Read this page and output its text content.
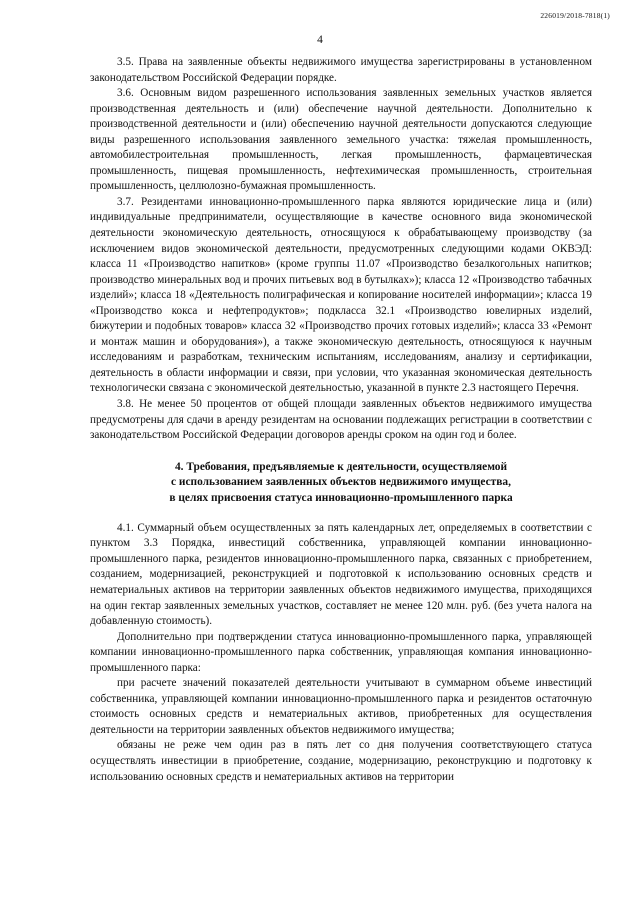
226019/2018-7818(1)
4

3.5. Права на заявленные объекты недвижимого имущества зарегистрированы в установленном законодательством Российской Федерации порядке.

3.6. Основным видом разрешенного использования заявленных земельных участков является производственная деятельность и (или) обеспечение научной деятельности. Дополнительно к производственной деятельности и (или) обеспечению научной деятельности допускаются следующие виды разрешенного использования заявленного земельного участка: тяжелая промышленность, автомобилестроительная промышленность, легкая промышленность, фармацевтическая промышленность, пищевая промышленность, нефтехимическая промышленность, строительная промышленность, целлюлозно-бумажная промышленность.

3.7. Резидентами инновационно-промышленного парка являются юридические лица и (или) индивидуальные предприниматели, осуществляющие в качестве основного вида экономической деятельности экономическую деятельность, относящуюся к обрабатывающему производству (за исключением видов экономической деятельности, предусмотренных следующими кодами ОКВЭД: класса 11 «Производство напитков» (кроме группы 11.07 «Производство безалкогольных напитков; производство минеральных вод и прочих питьевых вод в бутылках»); класса 12 «Производство табачных изделий»; класса 18 «Деятельность полиграфическая и копирование носителей информации»; класса 19 «Производство кокса и нефтепродуктов»; подкласса 32.1 «Производство ювелирных изделий, бижутерии и подобных товаров» класса 32 «Производство прочих готовых изделий»; класса 33 «Ремонт и монтаж машин и оборудования»), а также экономическую деятельность, относящуюся к научным исследованиям и разработкам, техническим испытаниям, исследованиям, анализу и сертификации, деятельность в области информации и связи, при условии, что указанная экономическая деятельность технологически связана с экономической деятельностью, указанной в пункте 2.3 настоящего Перечня.

3.8. Не менее 50 процентов от общей площади заявленных объектов недвижимого имущества предусмотрены для сдачи в аренду резидентам на основании подлежащих регистрации в соответствии с законодательством Российской Федерации договоров аренды сроком на один год и более.

4. Требования, предъявляемые к деятельности, осуществляемой
с использованием заявленных объектов недвижимого имущества,
в целях присвоения статуса инновационно-промышленного парка

4.1. Суммарный объем осуществленных за пять календарных лет, определяемых в соответствии с пунктом 3.3 Порядка, инвестиций собственника, управляющей компании инновационно-промышленного парка, резидентов инновационно-промышленного парка, связанных с приобретением, созданием, модернизацией, реконструкцией и подготовкой к использованию основных средств и нематериальных активов на территории заявленных объектов недвижимого имущества, приходящихся на один гектар заявленных земельных участков, составляет не менее 120 млн. руб. (без учета налога на добавленную стоимость).

Дополнительно при подтверждении статуса инновационно-промышленного парка, управляющей компании инновационно-промышленного парка собственник, управляющая компания инновационно-промышленного парка:

при расчете значений показателей деятельности учитывают в суммарном объеме инвестиций собственника, управляющей компании инновационно-промышленного парка и резидентов остаточную стоимость основных средств и нематериальных активов, приобретенных для осуществления деятельности на территории заявленных объектов недвижимого имущества;

обязаны не реже чем один раз в пять лет со дня получения соответствующего статуса осуществлять инвестиции в приобретение, создание, модернизацию, реконструкцию и подготовку к использованию основных средств и нематериальных активов на территории
